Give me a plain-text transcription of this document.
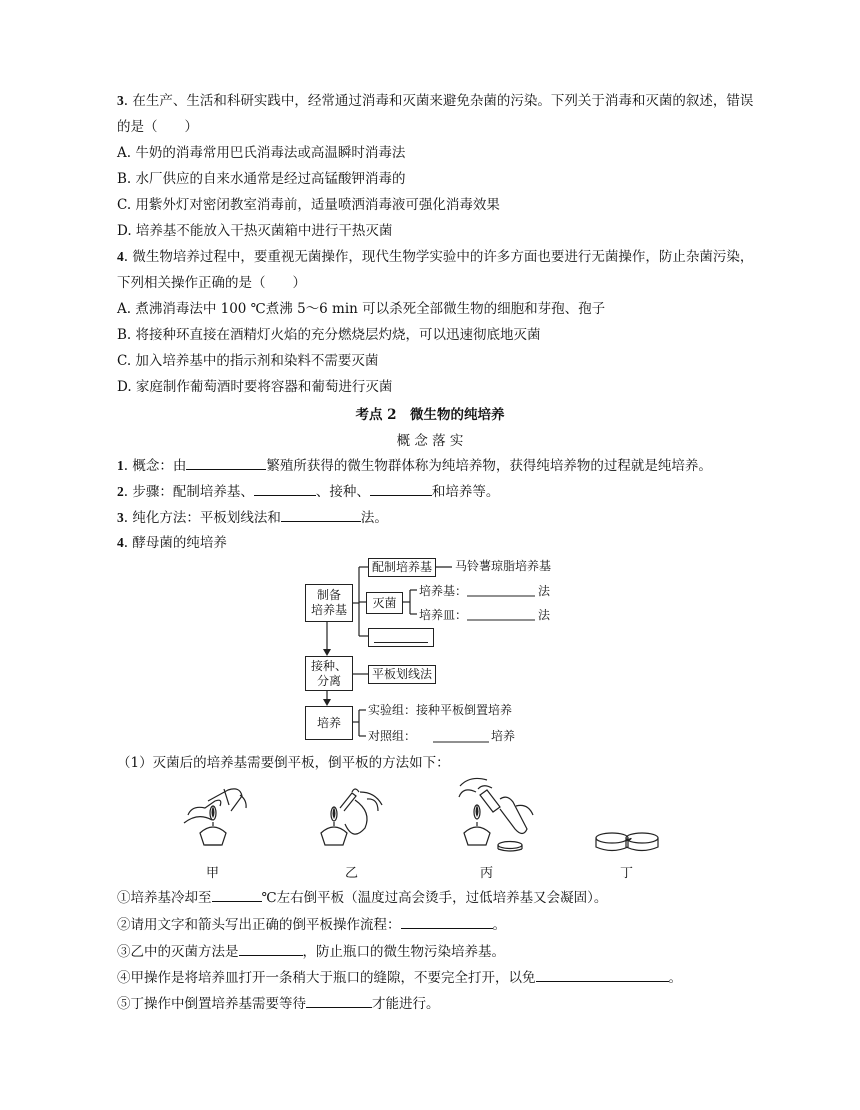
3. 在生产、生活和科研实践中，经常通过消毒和灭菌来避免杂菌的污染。下列关于消毒和灭菌的叙述，错误
的是（　　）
A. 牛奶的消毒常用巴氏消毒法或高温瞬时消毒法
B. 水厂供应的自来水通常是经过高锰酸钾消毒的
C. 用紫外灯对密闭教室消毒前，适量喷洒消毒液可强化消毒效果
D. 培养基不能放入干热灭菌箱中进行干热灭菌
4. 微生物培养过程中，要重视无菌操作，现代生物学实验中的许多方面也要进行无菌操作，防止杂菌污染，
下列相关操作正确的是（　　）
A. 煮沸消毒法中 100 ℃煮沸 5～6 min 可以杀死全部微生物的细胞和芽孢、孢子
B. 将接种环直接在酒精灯火焰的充分燃烧层灼烧，可以迅速彻底地灭菌
C. 加入培养基中的指示剂和染料不需要灭菌
D. 家庭制作葡萄酒时要将容器和葡萄进行灭菌
考点 2　微生物的纯培养
概 念 落 实
1. 概念：由	繁殖所获得的微生物群体称为纯培养物，获得纯培养物的过程就是纯培养。
2. 步骤：配制培养基、	、接种、	和培养等。
3. 纯化方法：平板划线法和	法。
4. 酵母菌的纯培养
制备
培养基
接种、
分离
培养
配制培养基	马铃薯琼脂培养基
灭菌
培养基：	法
培养皿：	法
平板划线法
实验组：接种平板倒置培养
对照组：	培养
（1）灭菌后的培养基需要倒平板，倒平板的方法如下：
甲	乙	丙	丁
①培养基冷却至	℃左右倒平板（温度过高会烫手，过低培养基又会凝固）。
②请用文字和箭头写出正确的倒平板操作流程：	。
③乙中的灭菌方法是	，防止瓶口的微生物污染培养基。
④甲操作是将培养皿打开一条稍大于瓶口的缝隙，不要完全打开，以免	。
⑤丁操作中倒置培养基需要等待	才能进行。
